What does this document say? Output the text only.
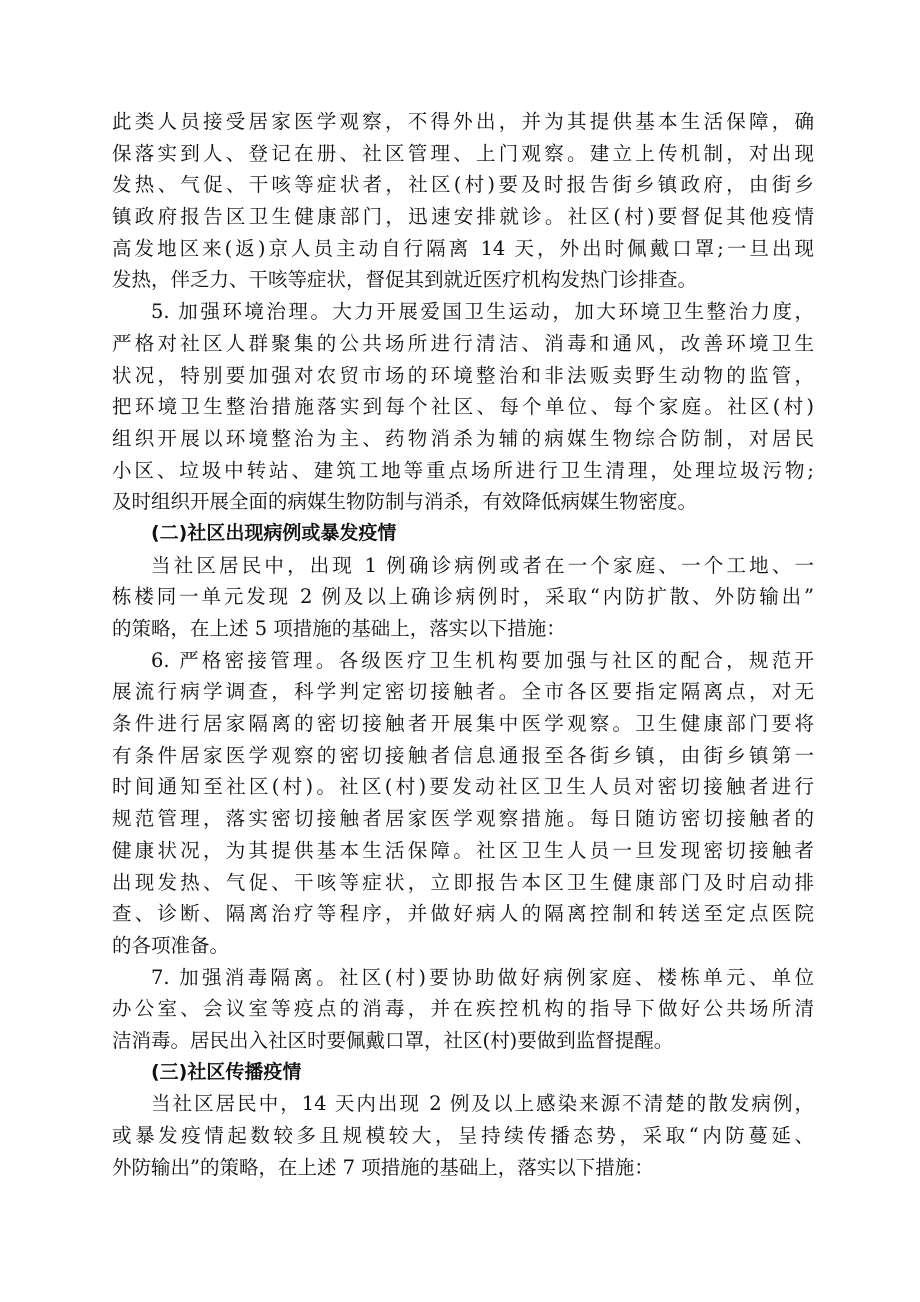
此类人员接受居家医学观察，不得外出，并为其提供基本生活保障，确
保落实到人、登记在册、社区管理、上门观察。建立上传机制，对出现
发热、气促、干咳等症状者，社区(村)要及时报告街乡镇政府，由街乡
镇政府报告区卫生健康部门，迅速安排就诊。社区(村)要督促其他疫情
高发地区来(返)京人员主动自行隔离 14 天，外出时佩戴口罩;一旦出现
发热，伴乏力、干咳等症状，督促其到就近医疗机构发热门诊排查。
5. 加强环境治理。大力开展爱国卫生运动，加大环境卫生整治力度，
严格对社区人群聚集的公共场所进行清洁、消毒和通风，改善环境卫生
状况，特别要加强对农贸市场的环境整治和非法贩卖野生动物的监管，
把环境卫生整治措施落实到每个社区、每个单位、每个家庭。社区(村)
组织开展以环境整治为主、药物消杀为辅的病媒生物综合防制，对居民
小区、垃圾中转站、建筑工地等重点场所进行卫生清理，处理垃圾污物;
及时组织开展全面的病媒生物防制与消杀，有效降低病媒生物密度。
(二)社区出现病例或暴发疫情
当社区居民中，出现 1 例确诊病例或者在一个家庭、一个工地、一
栋楼同一单元发现 2 例及以上确诊病例时，采取“内防扩散、外防输出”
的策略，在上述 5 项措施的基础上，落实以下措施：
6. 严格密接管理。各级医疗卫生机构要加强与社区的配合，规范开
展流行病学调查，科学判定密切接触者。全市各区要指定隔离点，对无
条件进行居家隔离的密切接触者开展集中医学观察。卫生健康部门要将
有条件居家医学观察的密切接触者信息通报至各街乡镇，由街乡镇第一
时间通知至社区(村)。社区(村)要发动社区卫生人员对密切接触者进行
规范管理，落实密切接触者居家医学观察措施。每日随访密切接触者的
健康状况，为其提供基本生活保障。社区卫生人员一旦发现密切接触者
出现发热、气促、干咳等症状，立即报告本区卫生健康部门及时启动排
查、诊断、隔离治疗等程序，并做好病人的隔离控制和转送至定点医院
的各项准备。
7. 加强消毒隔离。社区(村)要协助做好病例家庭、楼栋单元、单位
办公室、会议室等疫点的消毒，并在疾控机构的指导下做好公共场所清
洁消毒。居民出入社区时要佩戴口罩，社区(村)要做到监督提醒。
(三)社区传播疫情
当社区居民中，14 天内出现 2 例及以上感染来源不清楚的散发病例，
或暴发疫情起数较多且规模较大，呈持续传播态势，采取“内防蔓延、
外防输出”的策略，在上述 7 项措施的基础上，落实以下措施：
